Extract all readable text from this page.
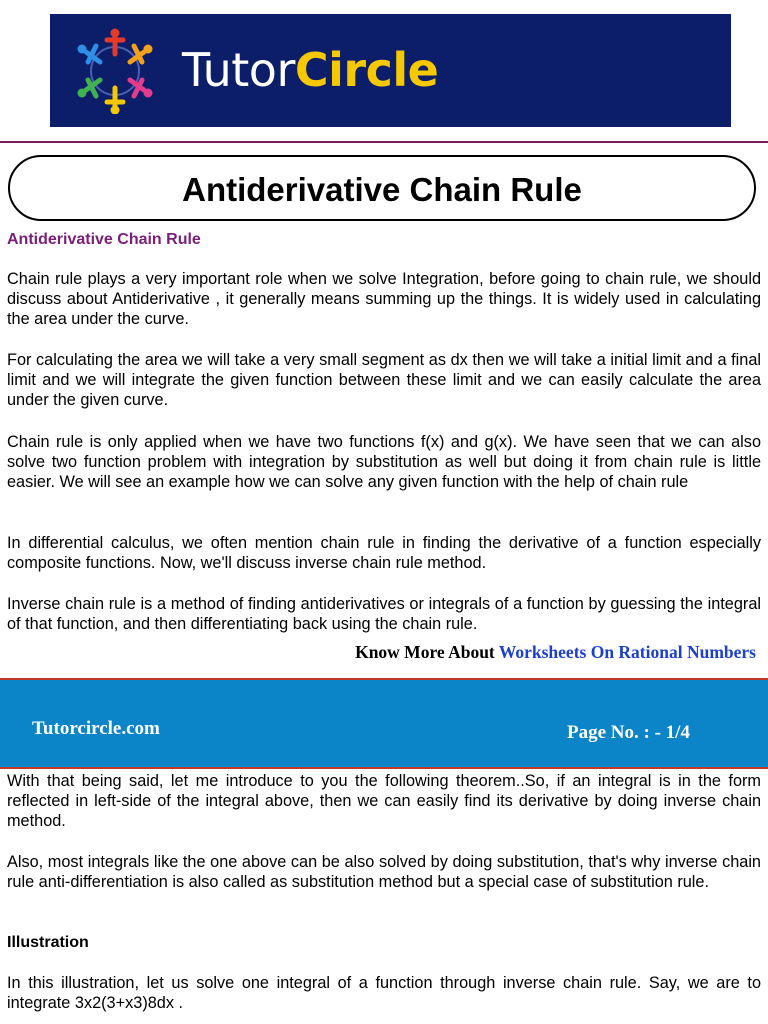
TutorCircle
Antiderivative Chain Rule
Antiderivative Chain Rule
Chain rule plays a very important role when we solve Integration, before going to chain rule, we should discuss about Antiderivative , it generally means summing up the things. It is widely used in calculating the area under the curve.
For calculating the area we will take a very small segment as dx then we will take a initial limit and a final limit and we will integrate the given function between these limit and we can easily calculate the area under the given curve.
Chain rule is only applied when we have two functions f(x) and g(x). We have seen that we can also solve two function problem with integration by substitution as well but doing it from chain rule is little easier. We will see an example how we can solve any given function with the help of chain rule
In differential calculus, we often mention chain rule in finding the derivative of a function especially composite functions. Now, we'll discuss inverse chain rule method.
Inverse chain rule is a method of finding antiderivatives or integrals of a function by guessing the integral of that function, and then differentiating back using the chain rule.
Know More About Worksheets On Rational Numbers
Tutorcircle.com	Page No. : - 1/4
With that being said, let me introduce to you the following theorem..So, if an integral is in the form reflected in left-side of the integral above, then we can easily find its derivative by doing inverse chain method.
Also, most integrals like the one above can be also solved by doing substitution, that's why inverse chain rule anti-differentiation is also called as substitution method but a special case of substitution rule.
Illustration
In this illustration, let us solve one integral of a function through inverse chain rule. Say, we are to integrate 3x2(3+x3)8dx .
